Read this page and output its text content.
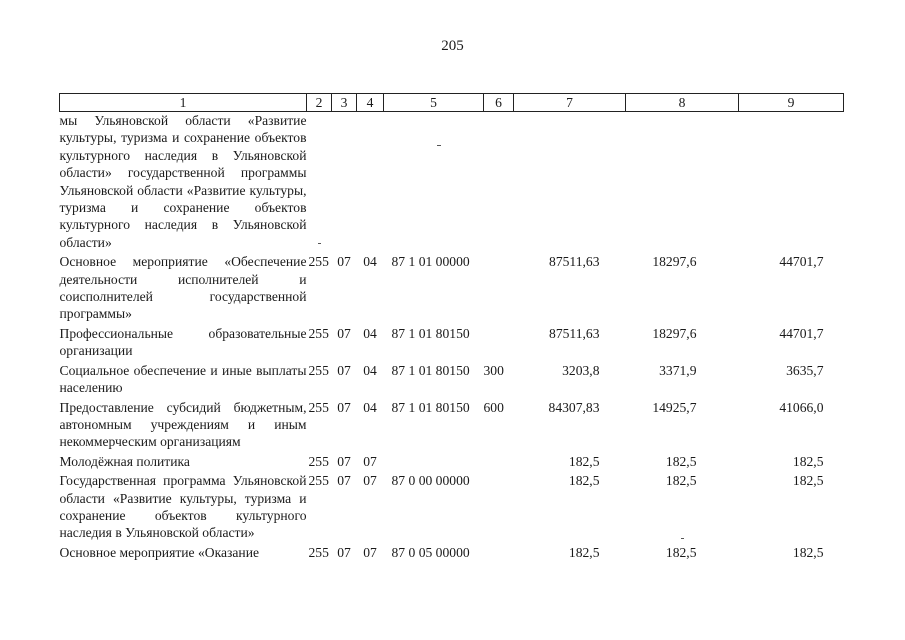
205
1	2	3	4	5	6	7	8	9
мы Ульяновской области «Развитие культуры, туризма и сохранение объектов культурного наследия в Ульяновской области» государственной программы Ульяновской области «Развитие культуры, туризма и сохранение объектов культурного наследия в Ульяновской области»								
Основное мероприятие «Обеспечение деятельности исполнителей и соисполнителей государственной программы»	255	07	04	87 1 01 00000		87511,63	18297,6	44701,7
Профессиональные образовательные организации	255	07	04	87 1 01 80150		87511,63	18297,6	44701,7
Социальное обеспечение и иные выплаты населению	255	07	04	87 1 01 80150	300	3203,8	3371,9	3635,7
Предоставление субсидий бюджетным, автономным учреждениям и иным некоммерческим организациям	255	07	04	87 1 01 80150	600	84307,83	14925,7	41066,0
Молодёжная политика	255	07	07			182,5	182,5	182,5
Государственная программа Ульяновской области «Развитие культуры, туризма и сохранение объектов культурного наследия в Ульяновской области»	255	07	07	87 0 00 00000		182,5	182,5	182,5
Основное мероприятие «Оказание	255	07	07	87 0 05 00000		182,5	182,5	182,5
